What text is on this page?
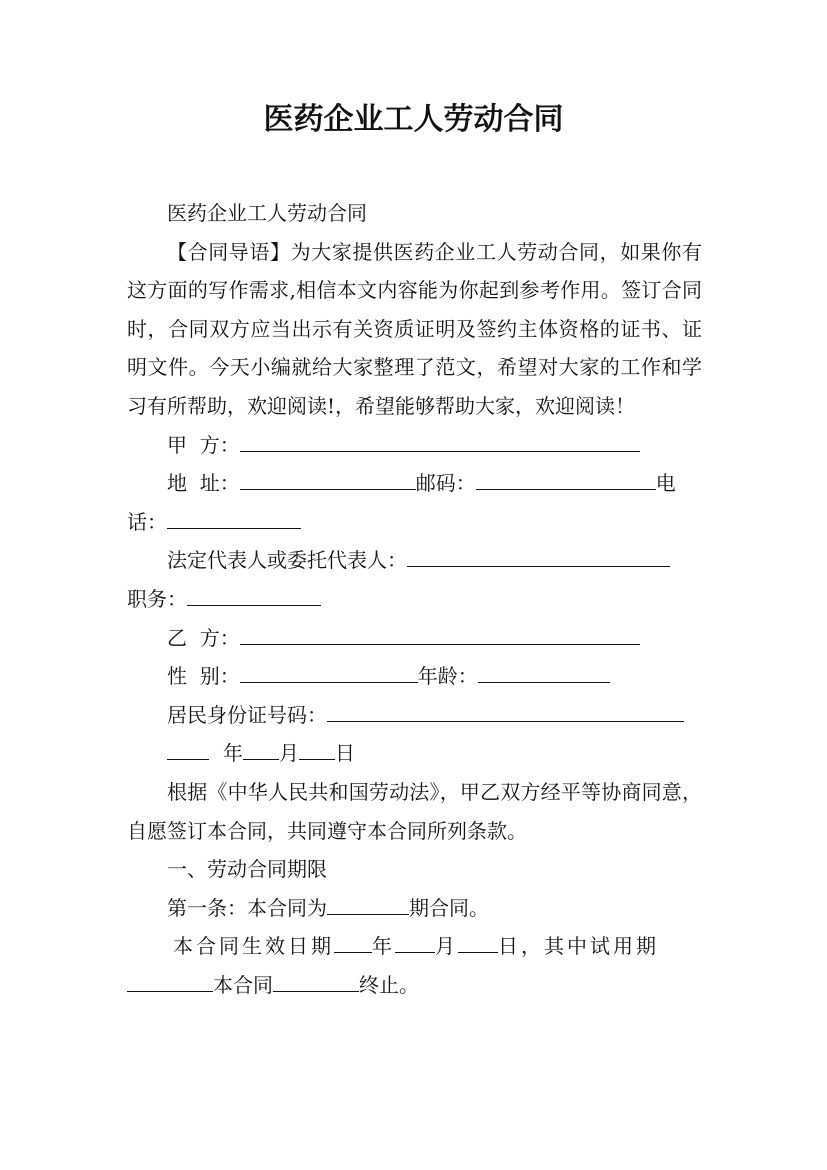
医药企业工人劳动合同

医药企业工人劳动合同

【合同导语】为大家提供医药企业工人劳动合同，如果你有这方面的写作需求,相信本文内容能为你起到参考作用。签订合同时，合同双方应当出示有关资质证明及签约主体资格的证书、证明文件。今天小编就给大家整理了范文，希望对大家的工作和学习有所帮助，欢迎阅读!，希望能够帮助大家，欢迎阅读！

甲  方：

地  址：	邮码：	电

话：

法定代表人或委托代表人：

职务：

乙  方：

性  别：	年龄：

居民身份证号码：

年 月 日

根据《中华人民共和国劳动法》，甲乙双方经平等协商同意，自愿签订本合同，共同遵守本合同所列条款。

一、劳动合同期限

第一条：本合同为	期合同。

本合同生效日期 年 月 日，其中试用期

本合同	终止。
